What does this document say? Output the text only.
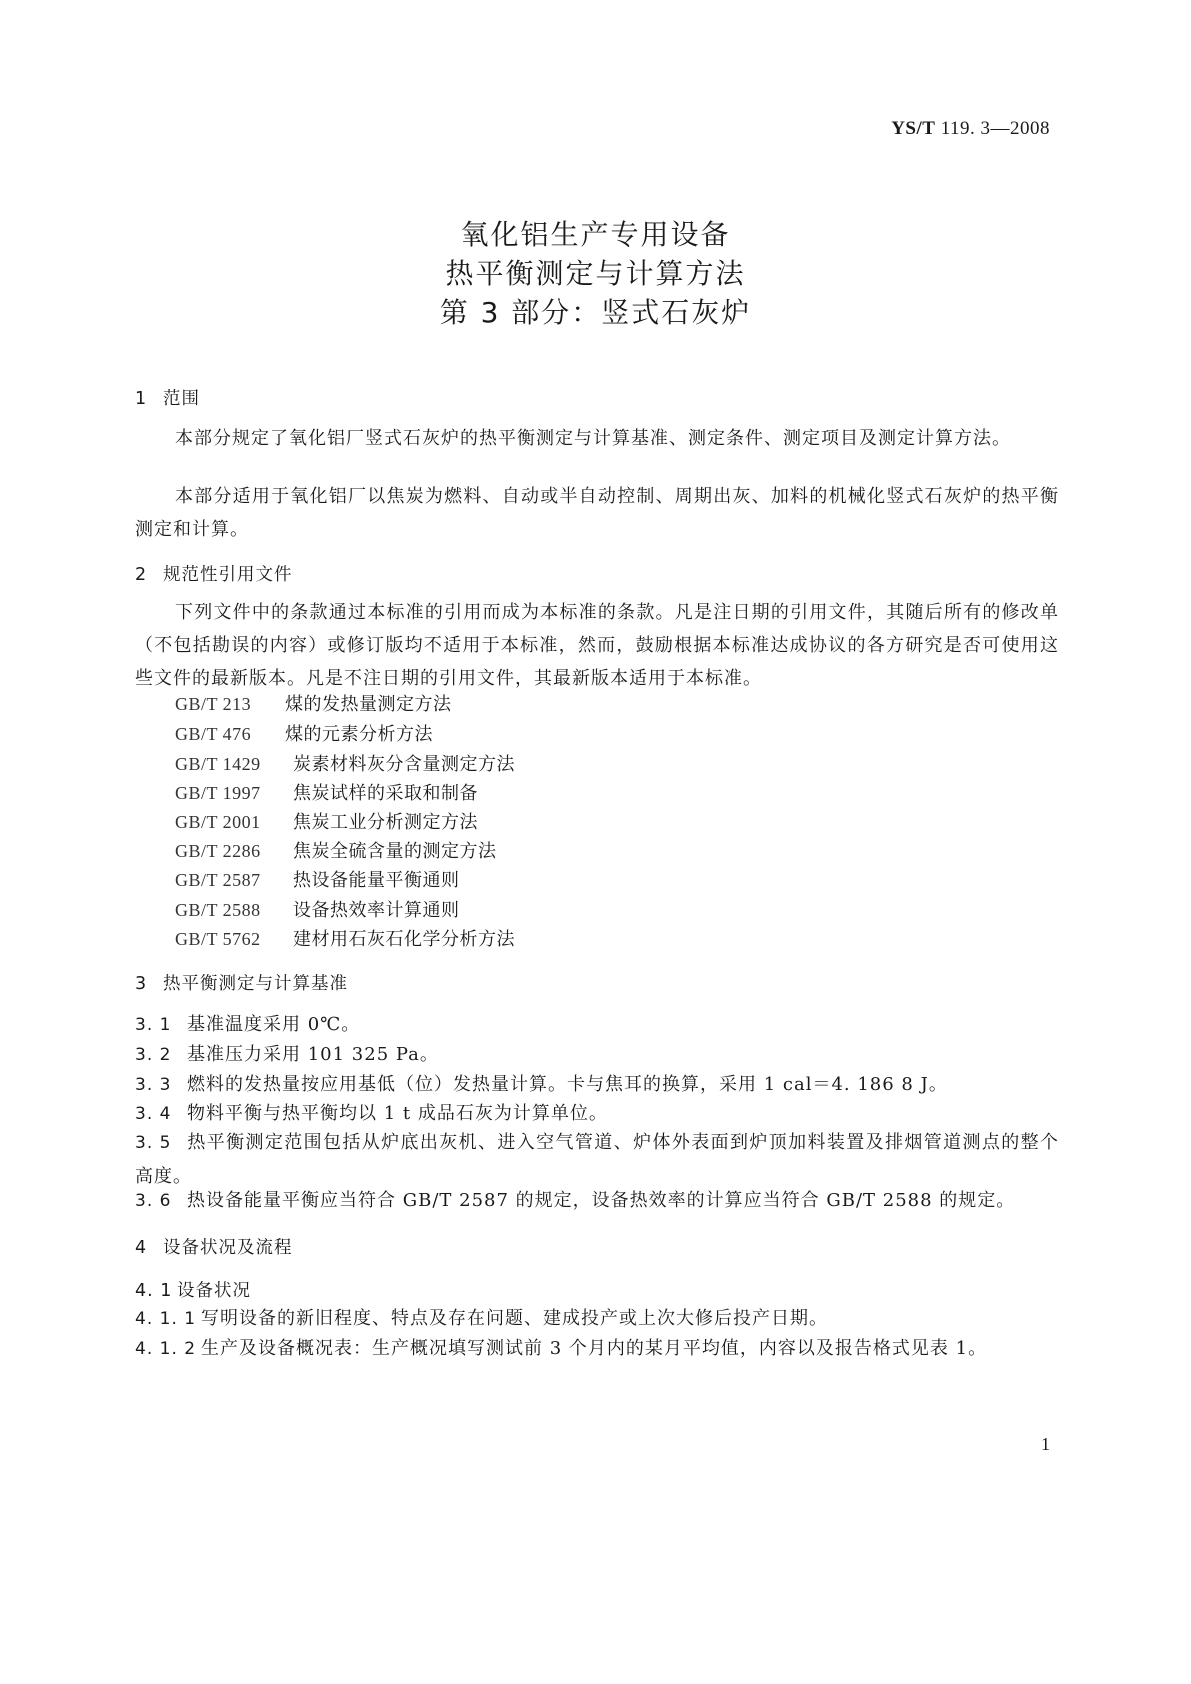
YS/T 119. 3—2008
氧化铝生产专用设备
热平衡测定与计算方法
第 3 部分：竖式石灰炉
1 范围

本部分规定了氧化铝厂竖式石灰炉的热平衡测定与计算基准、测定条件、测定项目及测定计算方法。

本部分适用于氧化铝厂以焦炭为燃料、自动或半自动控制、周期出灰、加料的机械化竖式石灰炉的热平衡测定和计算。

2 规范性引用文件

下列文件中的条款通过本标准的引用而成为本标准的条款。凡是注日期的引用文件，其随后所有的修改单（不包括勘误的内容）或修订版均不适用于本标准，然而，鼓励根据本标准达成协议的各方研究是否可使用这些文件的最新版本。凡是不注日期的引用文件，其最新版本适用于本标准。

GB/T 213 煤的发热量测定方法
GB/T 476 煤的元素分析方法
GB/T 1429 炭素材料灰分含量测定方法
GB/T 1997 焦炭试样的采取和制备
GB/T 2001 焦炭工业分析测定方法
GB/T 2286 焦炭全硫含量的测定方法
GB/T 2587 热设备能量平衡通则
GB/T 2588 设备热效率计算通则
GB/T 5762 建材用石灰石化学分析方法
3 热平衡测定与计算基准

3. 1 基准温度采用 0℃。

3. 2 基准压力采用 101 325 Pa。

3. 3 燃料的发热量按应用基低（位）发热量计算。卡与焦耳的换算，采用 1 cal＝4. 186 8 J。

3. 4 物料平衡与热平衡均以 1 t 成品石灰为计算单位。

3. 5 热平衡测定范围包括从炉底出灰机、进入空气管道、炉体外表面到炉顶加料装置及排烟管道测点的整个高度。

3. 6 热设备能量平衡应当符合 GB/T 2587 的规定，设备热效率的计算应当符合 GB/T 2588 的规定。

4 设备状况及流程
4. 1 设备状况

4. 1. 1 写明设备的新旧程度、特点及存在问题、建成投产或上次大修后投产日期。

4. 1. 2 生产及设备概况表：生产概况填写测试前 3 个月内的某月平均值，内容以及报告格式见表 1。

1
